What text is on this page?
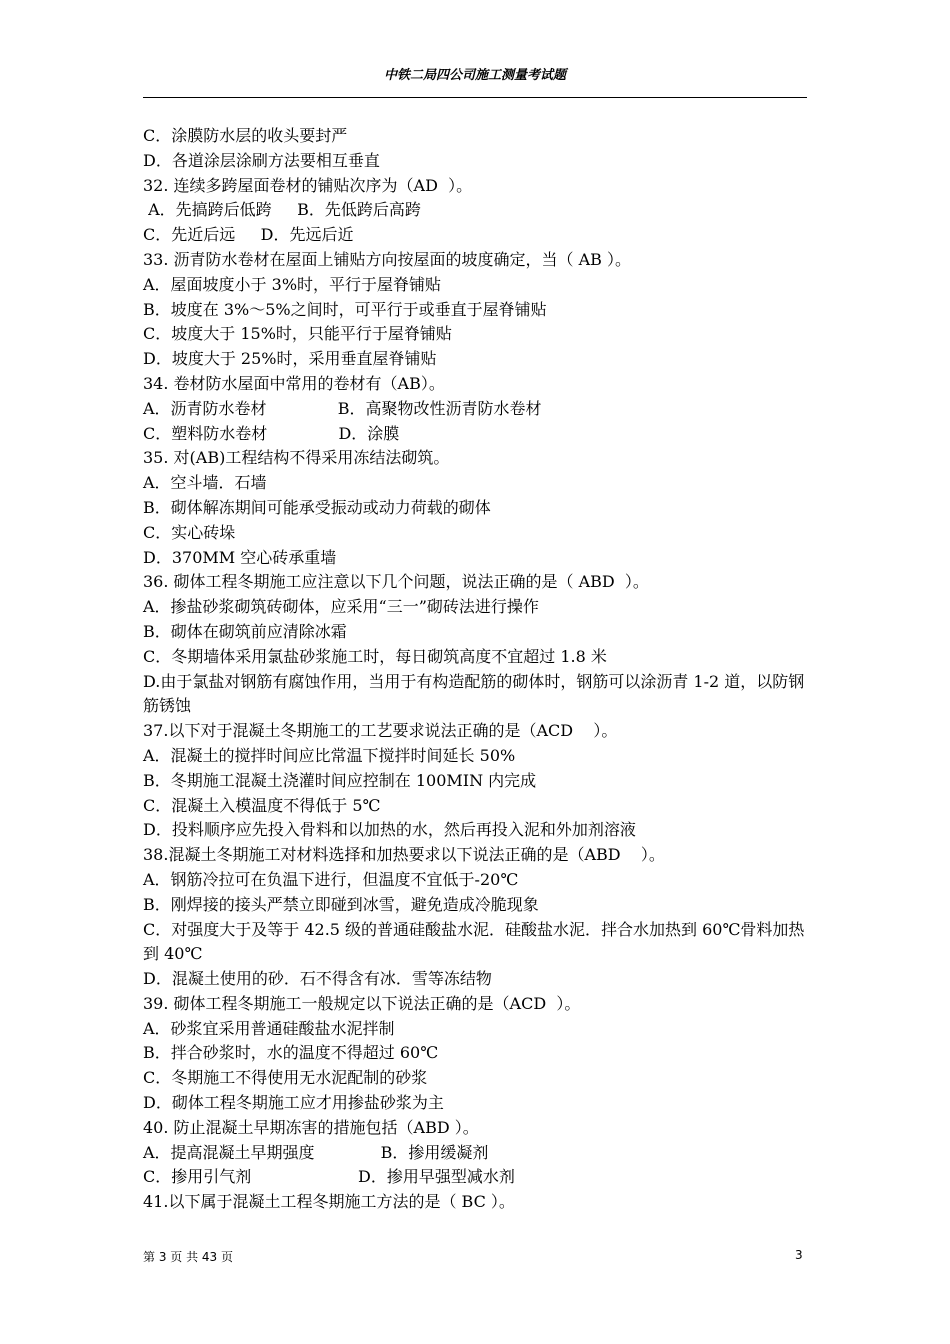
中铁二局四公司施工测量考试题
C．涂膜防水层的收头要封严
D．各道涂层涂刷方法要相互垂直
32. 连续多跨屋面卷材的铺贴次序为（AD  ）。
A．先搞跨后低跨     B．先低跨后高跨
C．先近后远     D．先远后近
33. 沥青防水卷材在屋面上铺贴方向按屋面的坡度确定，当（ AB ）。
A．屋面坡度小于 3%时，平行于屋脊铺贴
B．坡度在 3%～5%之间时，可平行于或垂直于屋脊铺贴
C．坡度大于 15%时，只能平行于屋脊铺贴
D．坡度大于 25%时，采用垂直屋脊铺贴
34. 卷材防水屋面中常用的卷材有（AB）。
A．沥青防水卷材              B．高聚物改性沥青防水卷材
C．塑料防水卷材              D．涂膜
35. 对(AB)工程结构不得采用冻结法砌筑。
A．空斗墙．石墙
B．砌体解冻期间可能承受振动或动力荷载的砌体
C．实心砖垛
D．370MM 空心砖承重墙
36. 砌体工程冬期施工应注意以下几个问题，说法正确的是（ ABD  ）。
A．掺盐砂浆砌筑砖砌体，应采用“三一”砌砖法进行操作
B．砌体在砌筑前应清除冰霜
C．冬期墙体采用氯盐砂浆施工时，每日砌筑高度不宜超过 1.8 米
D.由于氯盐对钢筋有腐蚀作用，当用于有构造配筋的砌体时，钢筋可以涂沥青 1-2 道，以防钢筋锈蚀
37.以下对于混凝土冬期施工的工艺要求说法正确的是（ACD    ）。
A．混凝土的搅拌时间应比常温下搅拌时间延长 50%
B．冬期施工混凝土浇灌时间应控制在 100MIN 内完成
C．混凝土入模温度不得低于 5℃
D．投料顺序应先投入骨料和以加热的水，然后再投入泥和外加剂溶液
38.混凝土冬期施工对材料选择和加热要求以下说法正确的是（ABD    ）。
A．钢筋冷拉可在负温下进行，但温度不宜低于-20℃
B．刚焊接的接头严禁立即碰到冰雪，避免造成冷脆现象
C．对强度大于及等于 42.5 级的普通硅酸盐水泥．硅酸盐水泥．拌合水加热到 60℃骨料加热到 40℃
D．混凝土使用的砂．石不得含有冰．雪等冻结物
39. 砌体工程冬期施工一般规定以下说法正确的是（ACD  ）。
A．砂浆宜采用普通硅酸盐水泥拌制
B．拌合砂浆时，水的温度不得超过 60℃
C．冬期施工不得使用无水泥配制的砂浆
D．砌体工程冬期施工应才用掺盐砂浆为主
40. 防止混凝土早期冻害的措施包括（ABD ）。
A．提高混凝土早期强度             B．掺用缓凝剂
C．掺用引气剂                     D．掺用早强型减水剂
41.以下属于混凝土工程冬期施工方法的是（ BC ）。
第 3 页 共 43 页	3
